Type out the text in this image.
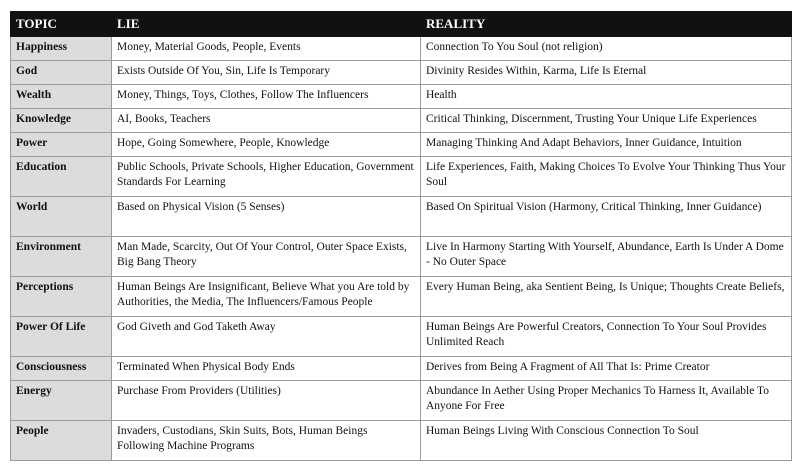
TOPIC	LIE	REALITY
Happiness	Money, Material Goods, People, Events	Connection To You Soul (not religion)
God	Exists Outside Of You, Sin, Life Is Temporary	Divinity Resides Within, Karma, Life Is Eternal
Wealth	Money, Things, Toys, Clothes, Follow The Influencers	Health
Knowledge	AI, Books, Teachers	Critical Thinking, Discernment, Trusting Your Unique Life Experiences
Power	Hope, Going Somewhere, People, Knowledge	Managing Thinking And Adapt Behaviors, Inner Guidance, Intuition
Education	Public Schools, Private Schools, Higher Education, Government Standards For Learning	Life Experiences, Faith, Making Choices To Evolve Your Thinking Thus Your Soul
World	Based on Physical Vision (5 Senses)	Based On Spiritual Vision (Harmony, Critical Thinking, Inner Guidance)
Environment	Man Made, Scarcity, Out Of Your Control, Outer Space Exists, Big Bang Theory	Live In Harmony Starting With Yourself, Abundance, Earth Is Under A Dome - No Outer Space
Perceptions	Human Beings Are Insignificant, Believe What you Are told by Authorities, the Media, The Influencers/Famous People	Every Human Being, aka Sentient Being, Is Unique; Thoughts Create Beliefs,
Power Of Life	God Giveth and God Taketh Away	Human Beings Are Powerful Creators, Connection To Your Soul Provides Unlimited Reach
Consciousness	Terminated When Physical Body Ends	Derives from Being A Fragment of All That Is: Prime Creator
Energy	Purchase From Providers (Utilities)	Abundance In Aether Using Proper Mechanics To Harness It, Available To Anyone For Free
People	Invaders, Custodians, Skin Suits, Bots, Human Beings Following Machine Programs	Human Beings Living With Conscious Connection To Soul
